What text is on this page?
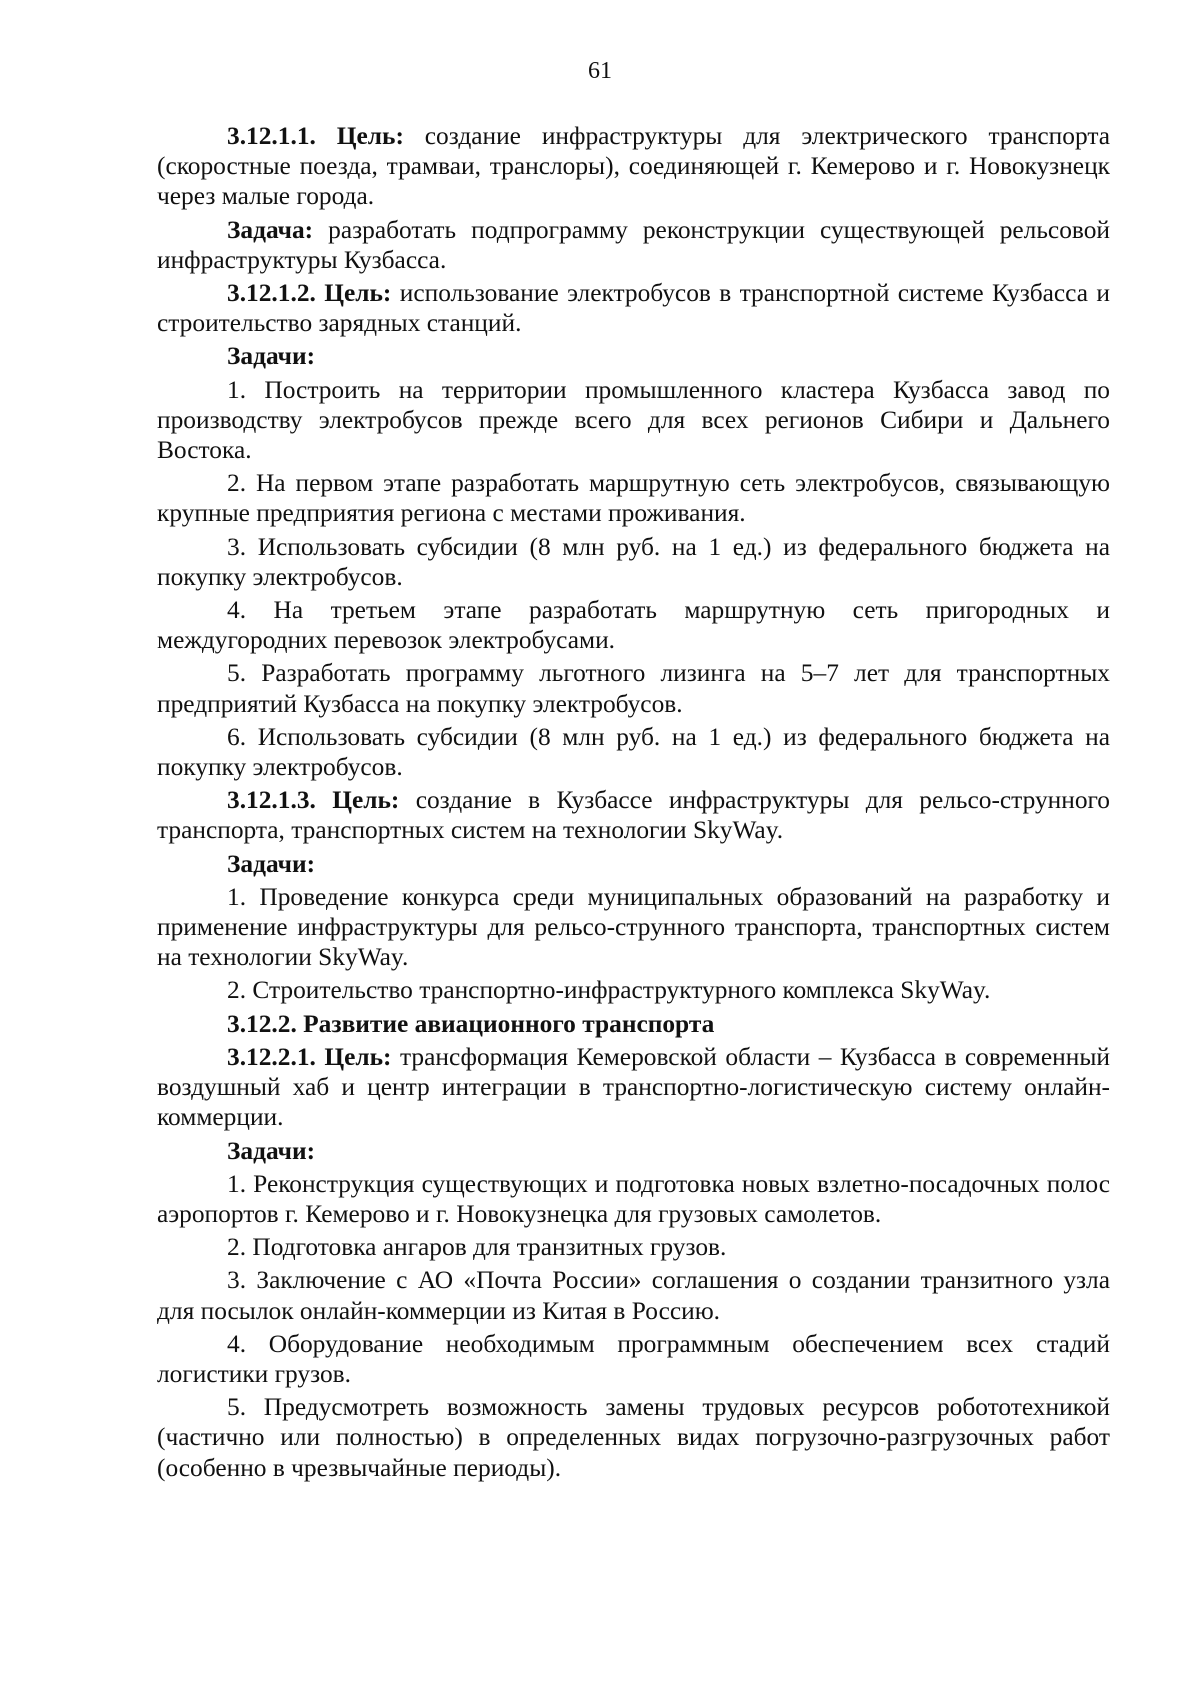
61

3.12.1.1. Цель: создание инфраструктуры для электрического транспорта (скоростные поезда, трамваи, транслоры), соединяющей г. Кемерово и г. Новокузнецк через малые города.

Задача: разработать подпрограмму реконструкции существующей рельсовой инфраструктуры Кузбасса.

3.12.1.2. Цель: использование электробусов в транспортной системе Кузбасса и строительство зарядных станций.

Задачи:

1. Построить на территории промышленного кластера Кузбасса завод по производству электробусов прежде всего для всех регионов Сибири и Дальнего Востока.

2. На первом этапе разработать маршрутную сеть электробусов, связывающую крупные предприятия региона с местами проживания.

3. Использовать субсидии (8 млн руб. на 1 ед.) из федерального бюджета на покупку электробусов.

4. На третьем этапе разработать маршрутную сеть пригородных и междугородних перевозок электробусами.

5. Разработать программу льготного лизинга на 5–7 лет для транспортных предприятий Кузбасса на покупку электробусов.

6. Использовать субсидии (8 млн руб. на 1 ед.) из федерального бюджета на покупку электробусов.

3.12.1.3. Цель: создание в Кузбассе инфраструктуры для рельсо-струнного транспорта, транспортных систем на технологии SkyWay.

Задачи:

1. Проведение конкурса среди муниципальных образований на разработку и применение инфраструктуры для рельсо-струнного транспорта, транспортных систем на технологии SkyWay.

2. Строительство транспортно-инфраструктурного комплекса SkyWay.

3.12.2. Развитие авиационного транспорта

3.12.2.1. Цель: трансформация Кемеровской области – Кузбасса в современный воздушный хаб и центр интеграции в транспортно-логистическую систему онлайн-коммерции.

Задачи:

1. Реконструкция существующих и подготовка новых взлетно-посадочных полос аэропортов г. Кемерово и г. Новокузнецка для грузовых самолетов.

2. Подготовка ангаров для транзитных грузов.

3. Заключение с АО «Почта России» соглашения о создании транзитного узла для посылок онлайн-коммерции из Китая в Россию.

4. Оборудование необходимым программным обеспечением всех стадий логистики грузов.

5. Предусмотреть возможность замены трудовых ресурсов робототехникой (частично или полностью) в определенных видах погрузочно-разгрузочных работ (особенно в чрезвычайные периоды).
